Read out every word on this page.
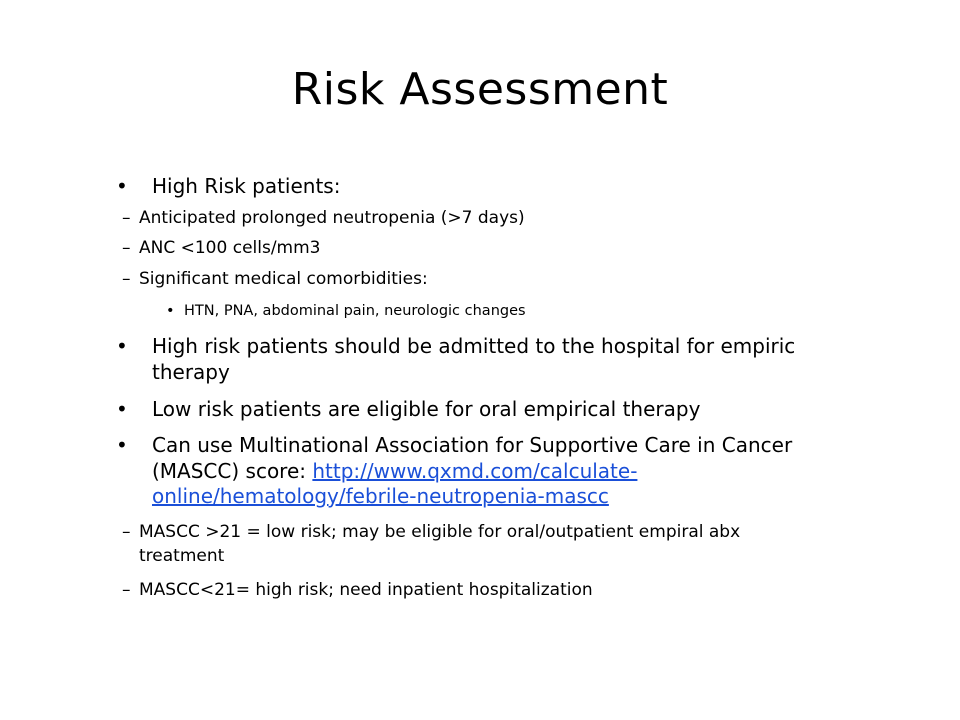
Risk Assessment
• High Risk patients:
– Anticipated prolonged neutropenia (>7 days)
– ANC <100 cells/mm3
– Significant medical comorbidities:
• HTN, PNA, abdominal pain, neurologic changes
• High risk patients should be admitted to the hospital for empiric
therapy
• Low risk patients are eligible for oral empirical therapy
• Can use Multinational Association for Supportive Care in Cancer
(MASCC) score: http://www.qxmd.com/calculate-
online/hematology/febrile-neutropenia-mascc
– MASCC >21 = low risk; may be eligible for oral/outpatient empiral abx
treatment
– MASCC<21= high risk; need inpatient hospitalization
